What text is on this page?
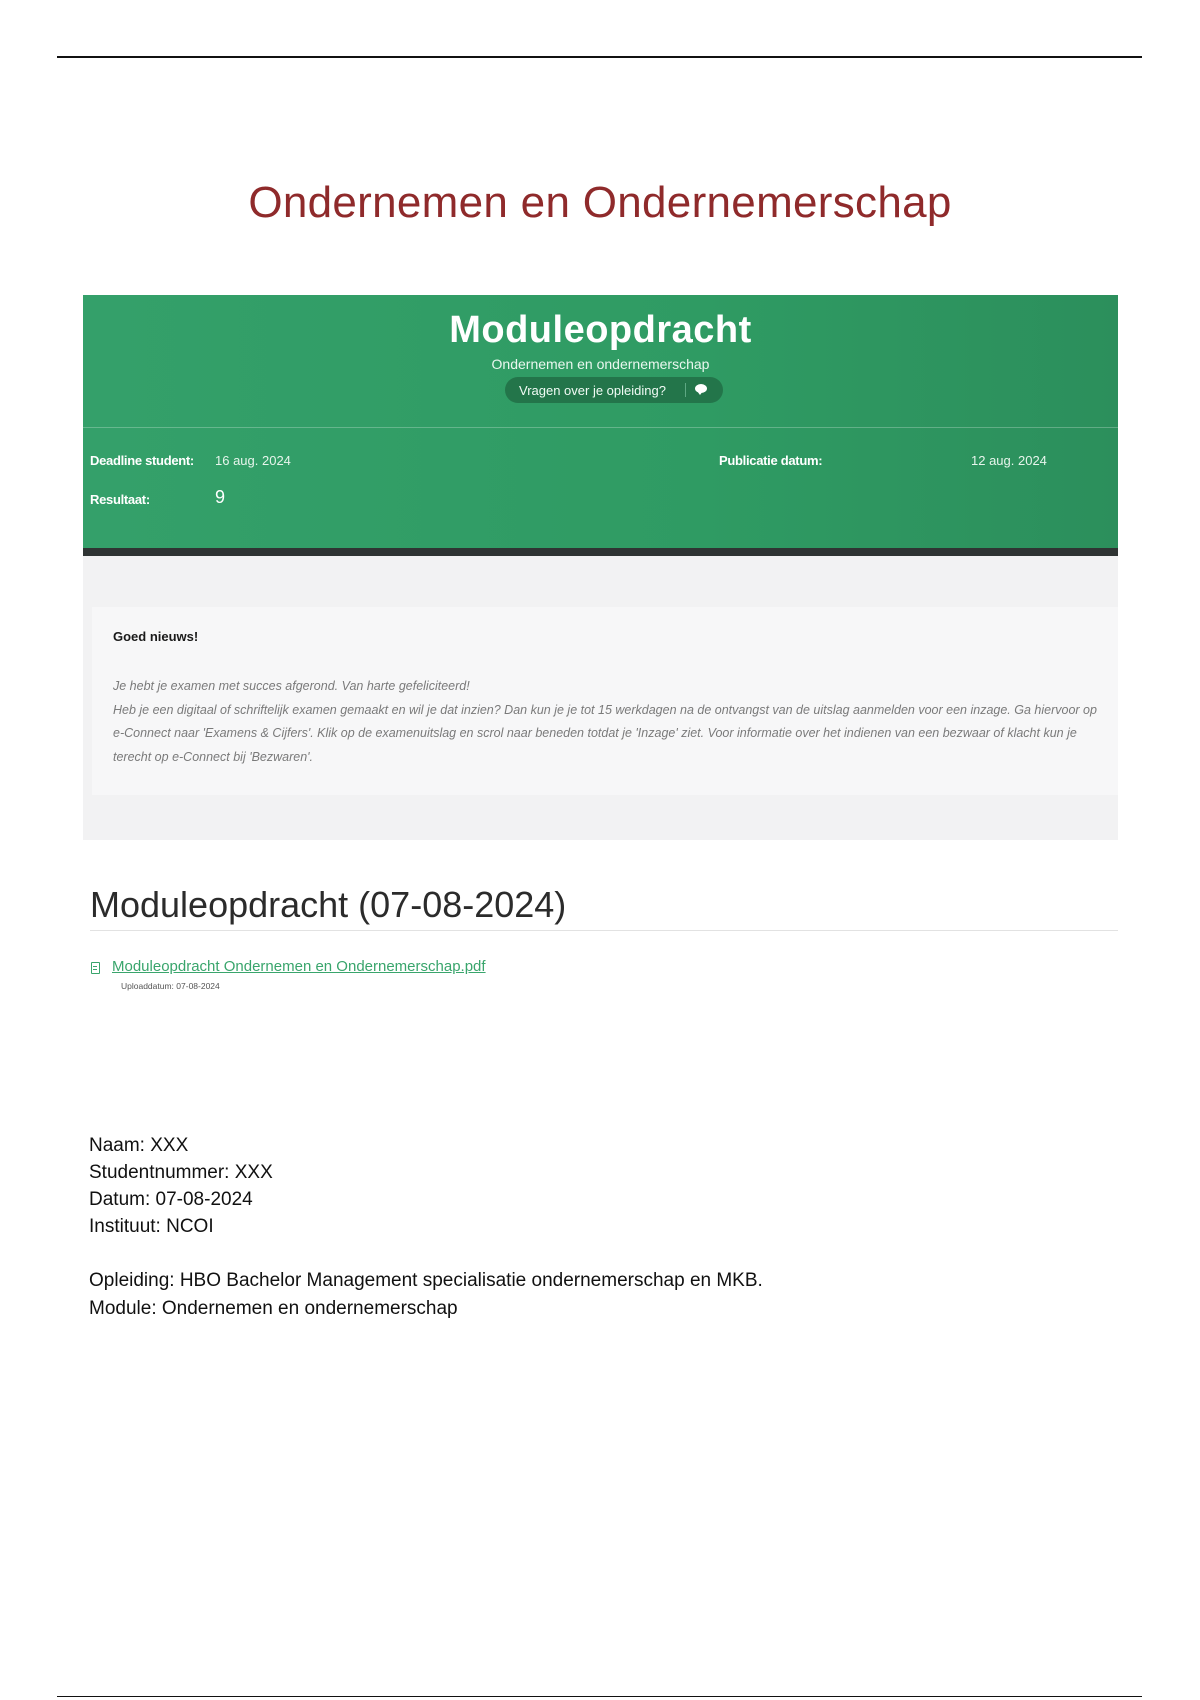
Ondernemen en Ondernemerschap
Moduleopdracht
Ondernemen en ondernemerschap
Vragen over je opleiding?
Deadline student: 16 aug. 2024	Publicatie datum:	12 aug. 2024
Resultaat:	9
Goed nieuws!
Je hebt je examen met succes afgerond. Van harte gefeliciteerd!
Heb je een digitaal of schriftelijk examen gemaakt en wil je dat inzien? Dan kun je je tot 15 werkdagen na de ontvangst van de uitslag aanmelden voor een inzage. Ga hiervoor op e-Connect naar 'Examens & Cijfers'. Klik op de examenuitslag en scrol naar beneden totdat je 'Inzage' ziet. Voor informatie over het indienen van een bezwaar of klacht kun je terecht op e-Connect bij 'Bezwaren'.
Moduleopdracht (07-08-2024)
Moduleopdracht Ondernemen en Ondernemerschap.pdf
Uploaddatum: 07-08-2024
Naam: XXX
Studentnummer: XXX
Datum: 07-08-2024
Instituut: NCOI
Opleiding: HBO Bachelor Management specialisatie ondernemerschap en MKB.
Module: Ondernemen en ondernemerschap
